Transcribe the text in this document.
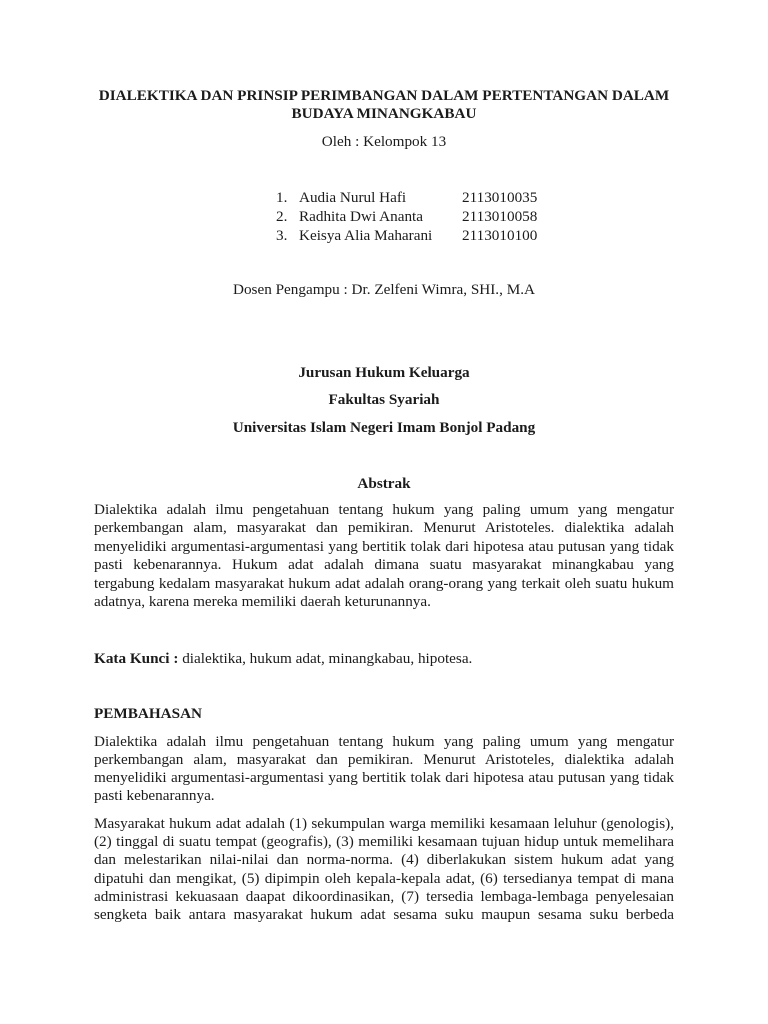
DIALEKTIKA DAN PRINSIP PERIMBANGAN DALAM PERTENTANGAN DALAM BUDAYA MINANGKABAU
Oleh : Kelompok 13
1. Audia Nurul Hafi	2113010035
2. Radhita Dwi Ananta	2113010058
3. Keisya Alia Maharani 2113010100
Dosen Pengampu : Dr. Zelfeni Wimra, SHI., M.A
Jurusan Hukum Keluarga
Fakultas Syariah
Universitas Islam Negeri Imam Bonjol Padang
Abstrak
Dialektika adalah ilmu pengetahuan tentang hukum yang paling umum yang mengatur
perkembangan alam, masyarakat dan pemikiran. Menurut Aristoteles. dialektika adalah
menyelidiki argumentasi-argumentasi yang bertitik tolak dari hipotesa atau putusan yang tidak
pasti kebenarannya. Hukum adat adalah dimana suatu masyarakat minangkabau yang
tergabung kedalam masyarakat hukum adat adalah orang-orang yang terkait oleh suatu hukum
adatnya, karena mereka memiliki daerah keturunannya.
Kata Kunci : dialektika, hukum adat, minangkabau, hipotesa.
PEMBAHASAN
Dialektika adalah ilmu pengetahuan tentang hukum yang paling umum yang mengatur
perkembangan alam, masyarakat dan pemikiran. Menurut Aristoteles, dialektika adalah
menyelidiki argumentasi-argumentasi yang bertitik tolak dari hipotesa atau putusan yang tidak
pasti kebenarannya.
Masyarakat hukum adat adalah (1) sekumpulan warga memiliki kesamaan leluhur (genologis),
(2) tinggal di suatu tempat (geografis), (3) memiliki kesamaan tujuan hidup untuk memelihara
dan melestarikan nilai-nilai dan norma-norma. (4) diberlakukan sistem hukum adat yang
dipatuhi dan mengikat, (5) dipimpin oleh kepala-kepala adat, (6) tersedianya tempat di mana
administrasi kekuasaan daapat dikoordinasikan, (7) tersedia lembaga-lembaga penyelesaian
sengketa baik antara masyarakat hukum adat sesama suku maupun sesama suku berbeda
